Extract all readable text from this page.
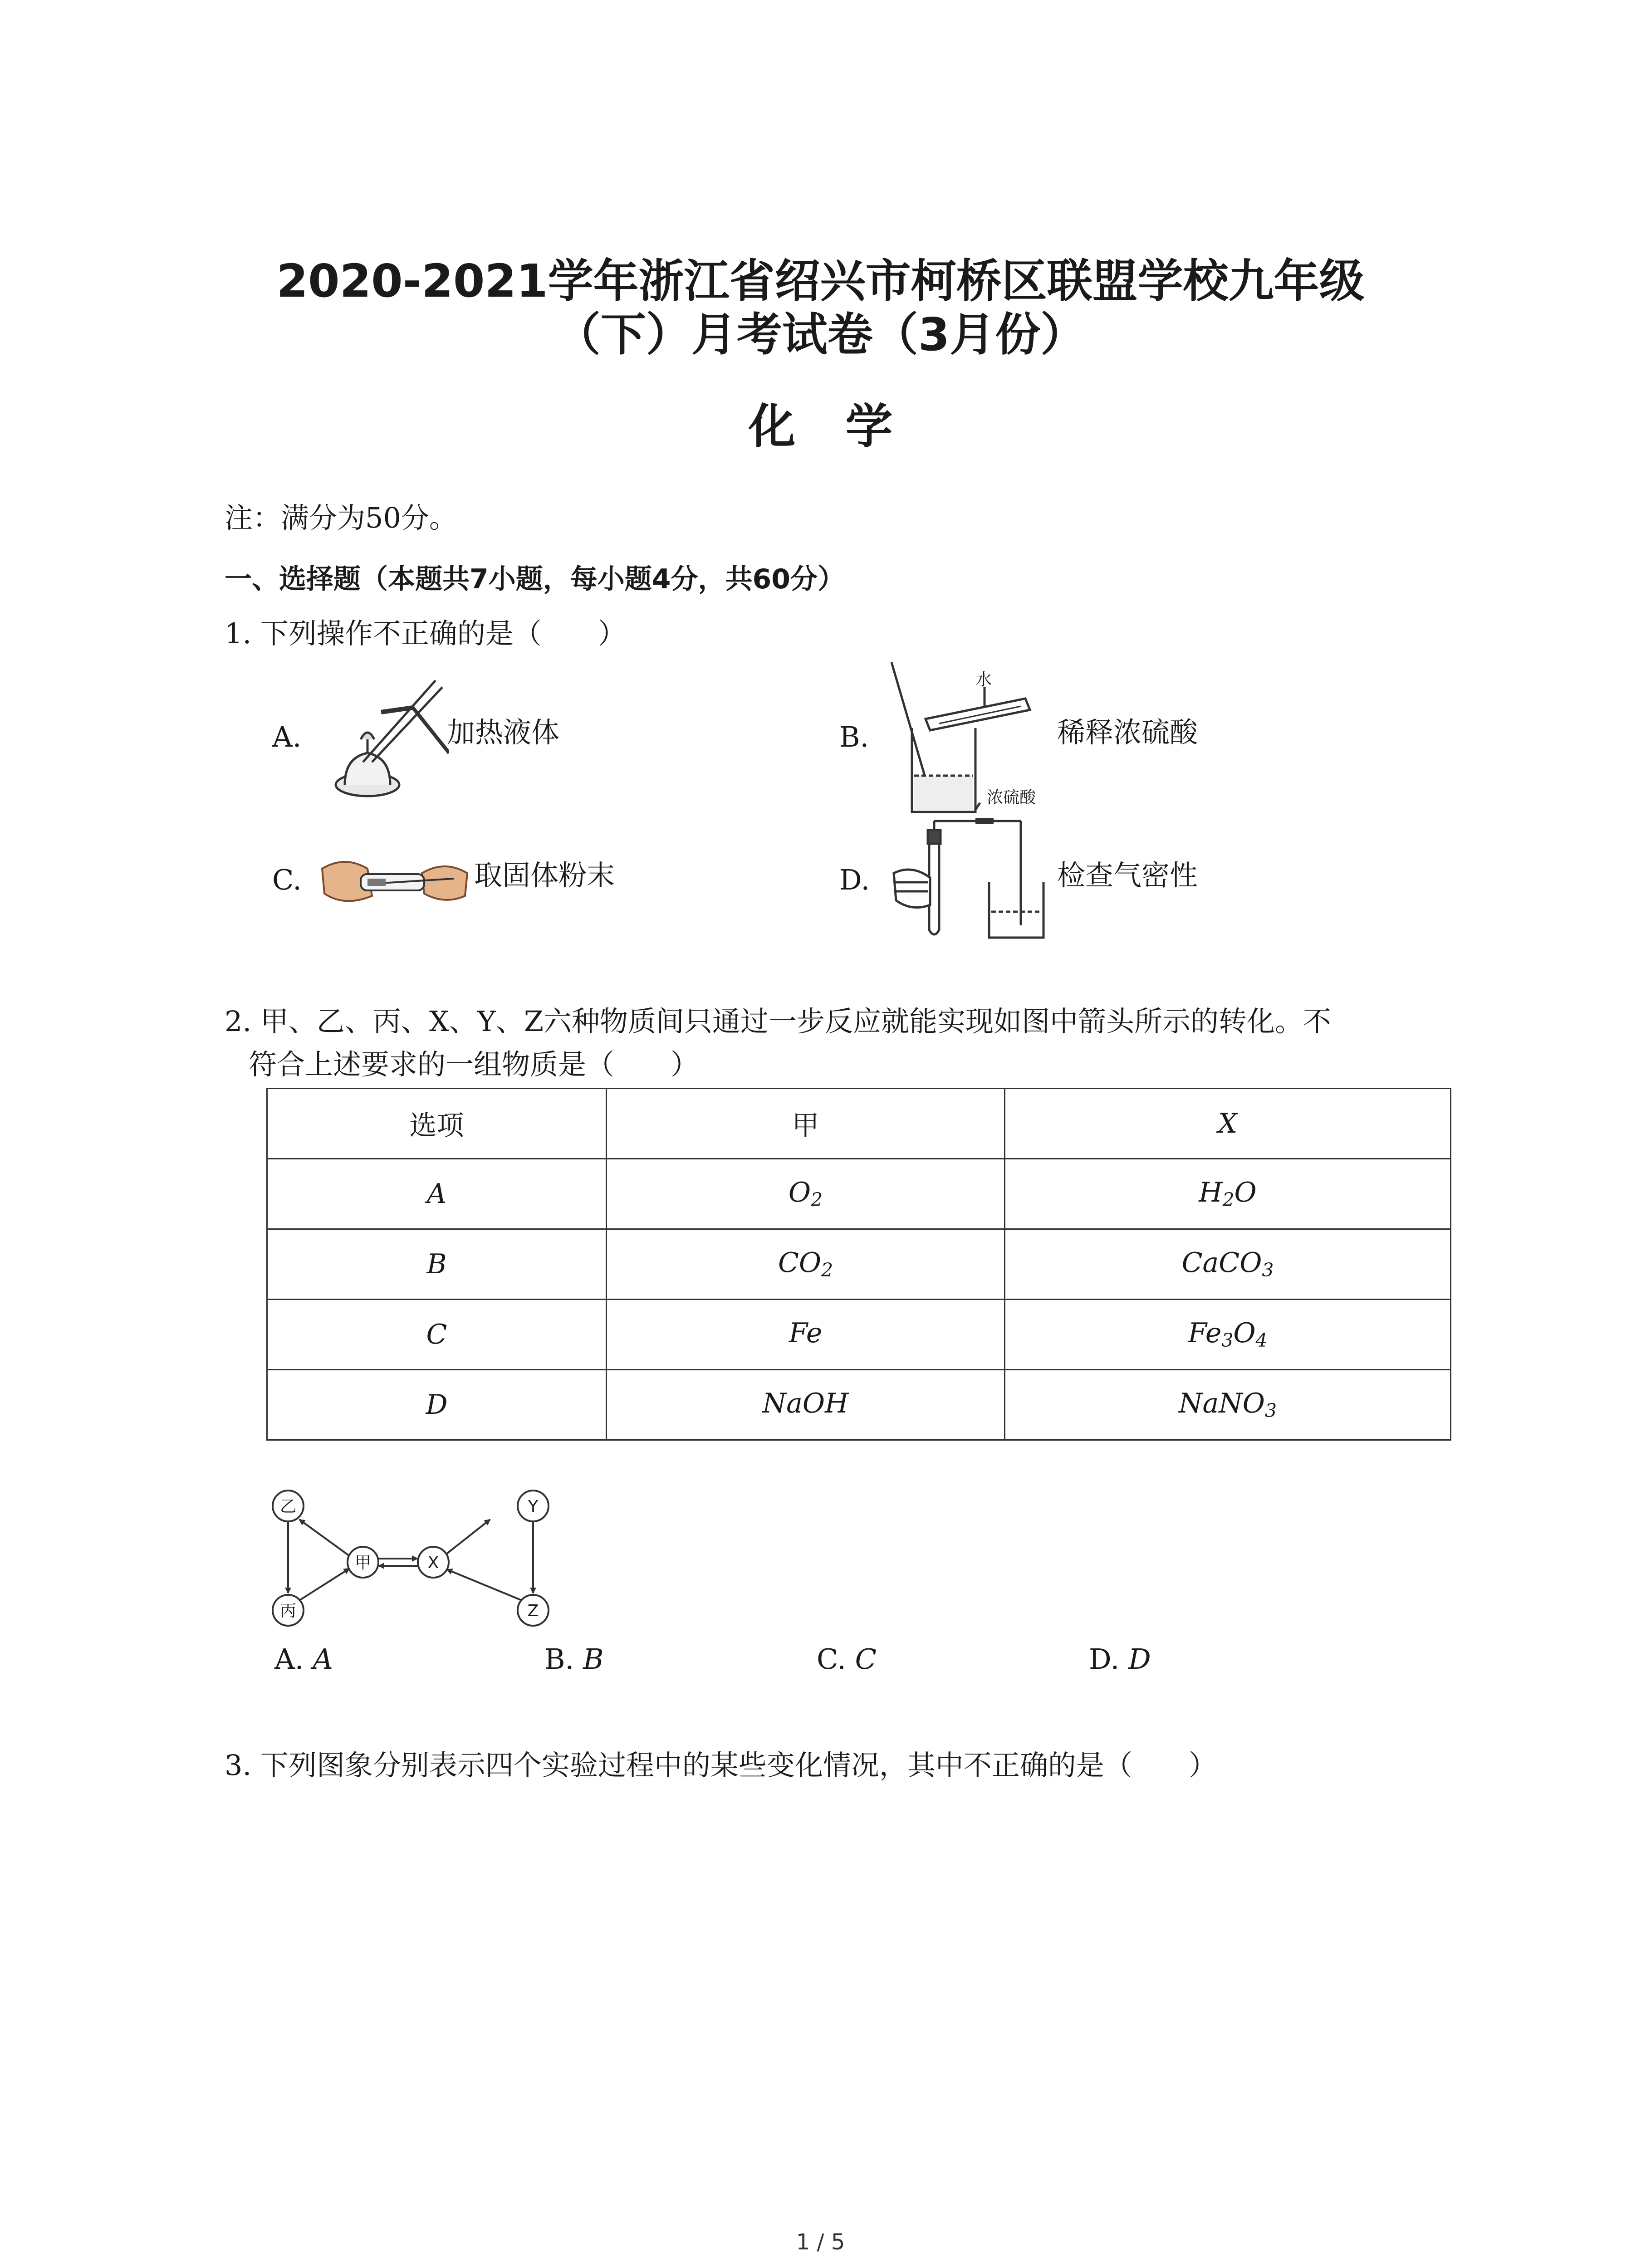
2020-2021学年浙江省绍兴市柯桥区联盟学校九年级
（下）月考试卷（3月份）
化学
注：满分为50分。
一、选择题（本题共7小题，每小题4分，共60分）
1. 下列操作不正确的是（　　）
A.	加热液体	B.
水
浓硫酸
稀释浓硫酸
C.	取固体粉末	D.	检查气密性
2. 甲、乙、丙、X、Y、Z六种物质间只通过一步反应就能实现如图中箭头所示的转化。不
符合上述要求的一组物质是（　　）
选项	甲	X
A	$O_2$	$H_2O$
B	$CO_2$	CaCO$_3$
C	Fe	$Fe_3O_4$
D	NaOH	NaNO$_3$
乙
甲
丙
X
Y
Z
A. A	B. B	C. C	D. D
3. 下列图象分别表示四个实验过程中的某些变化情况，其中不正确的是（　　）
1 / 5
